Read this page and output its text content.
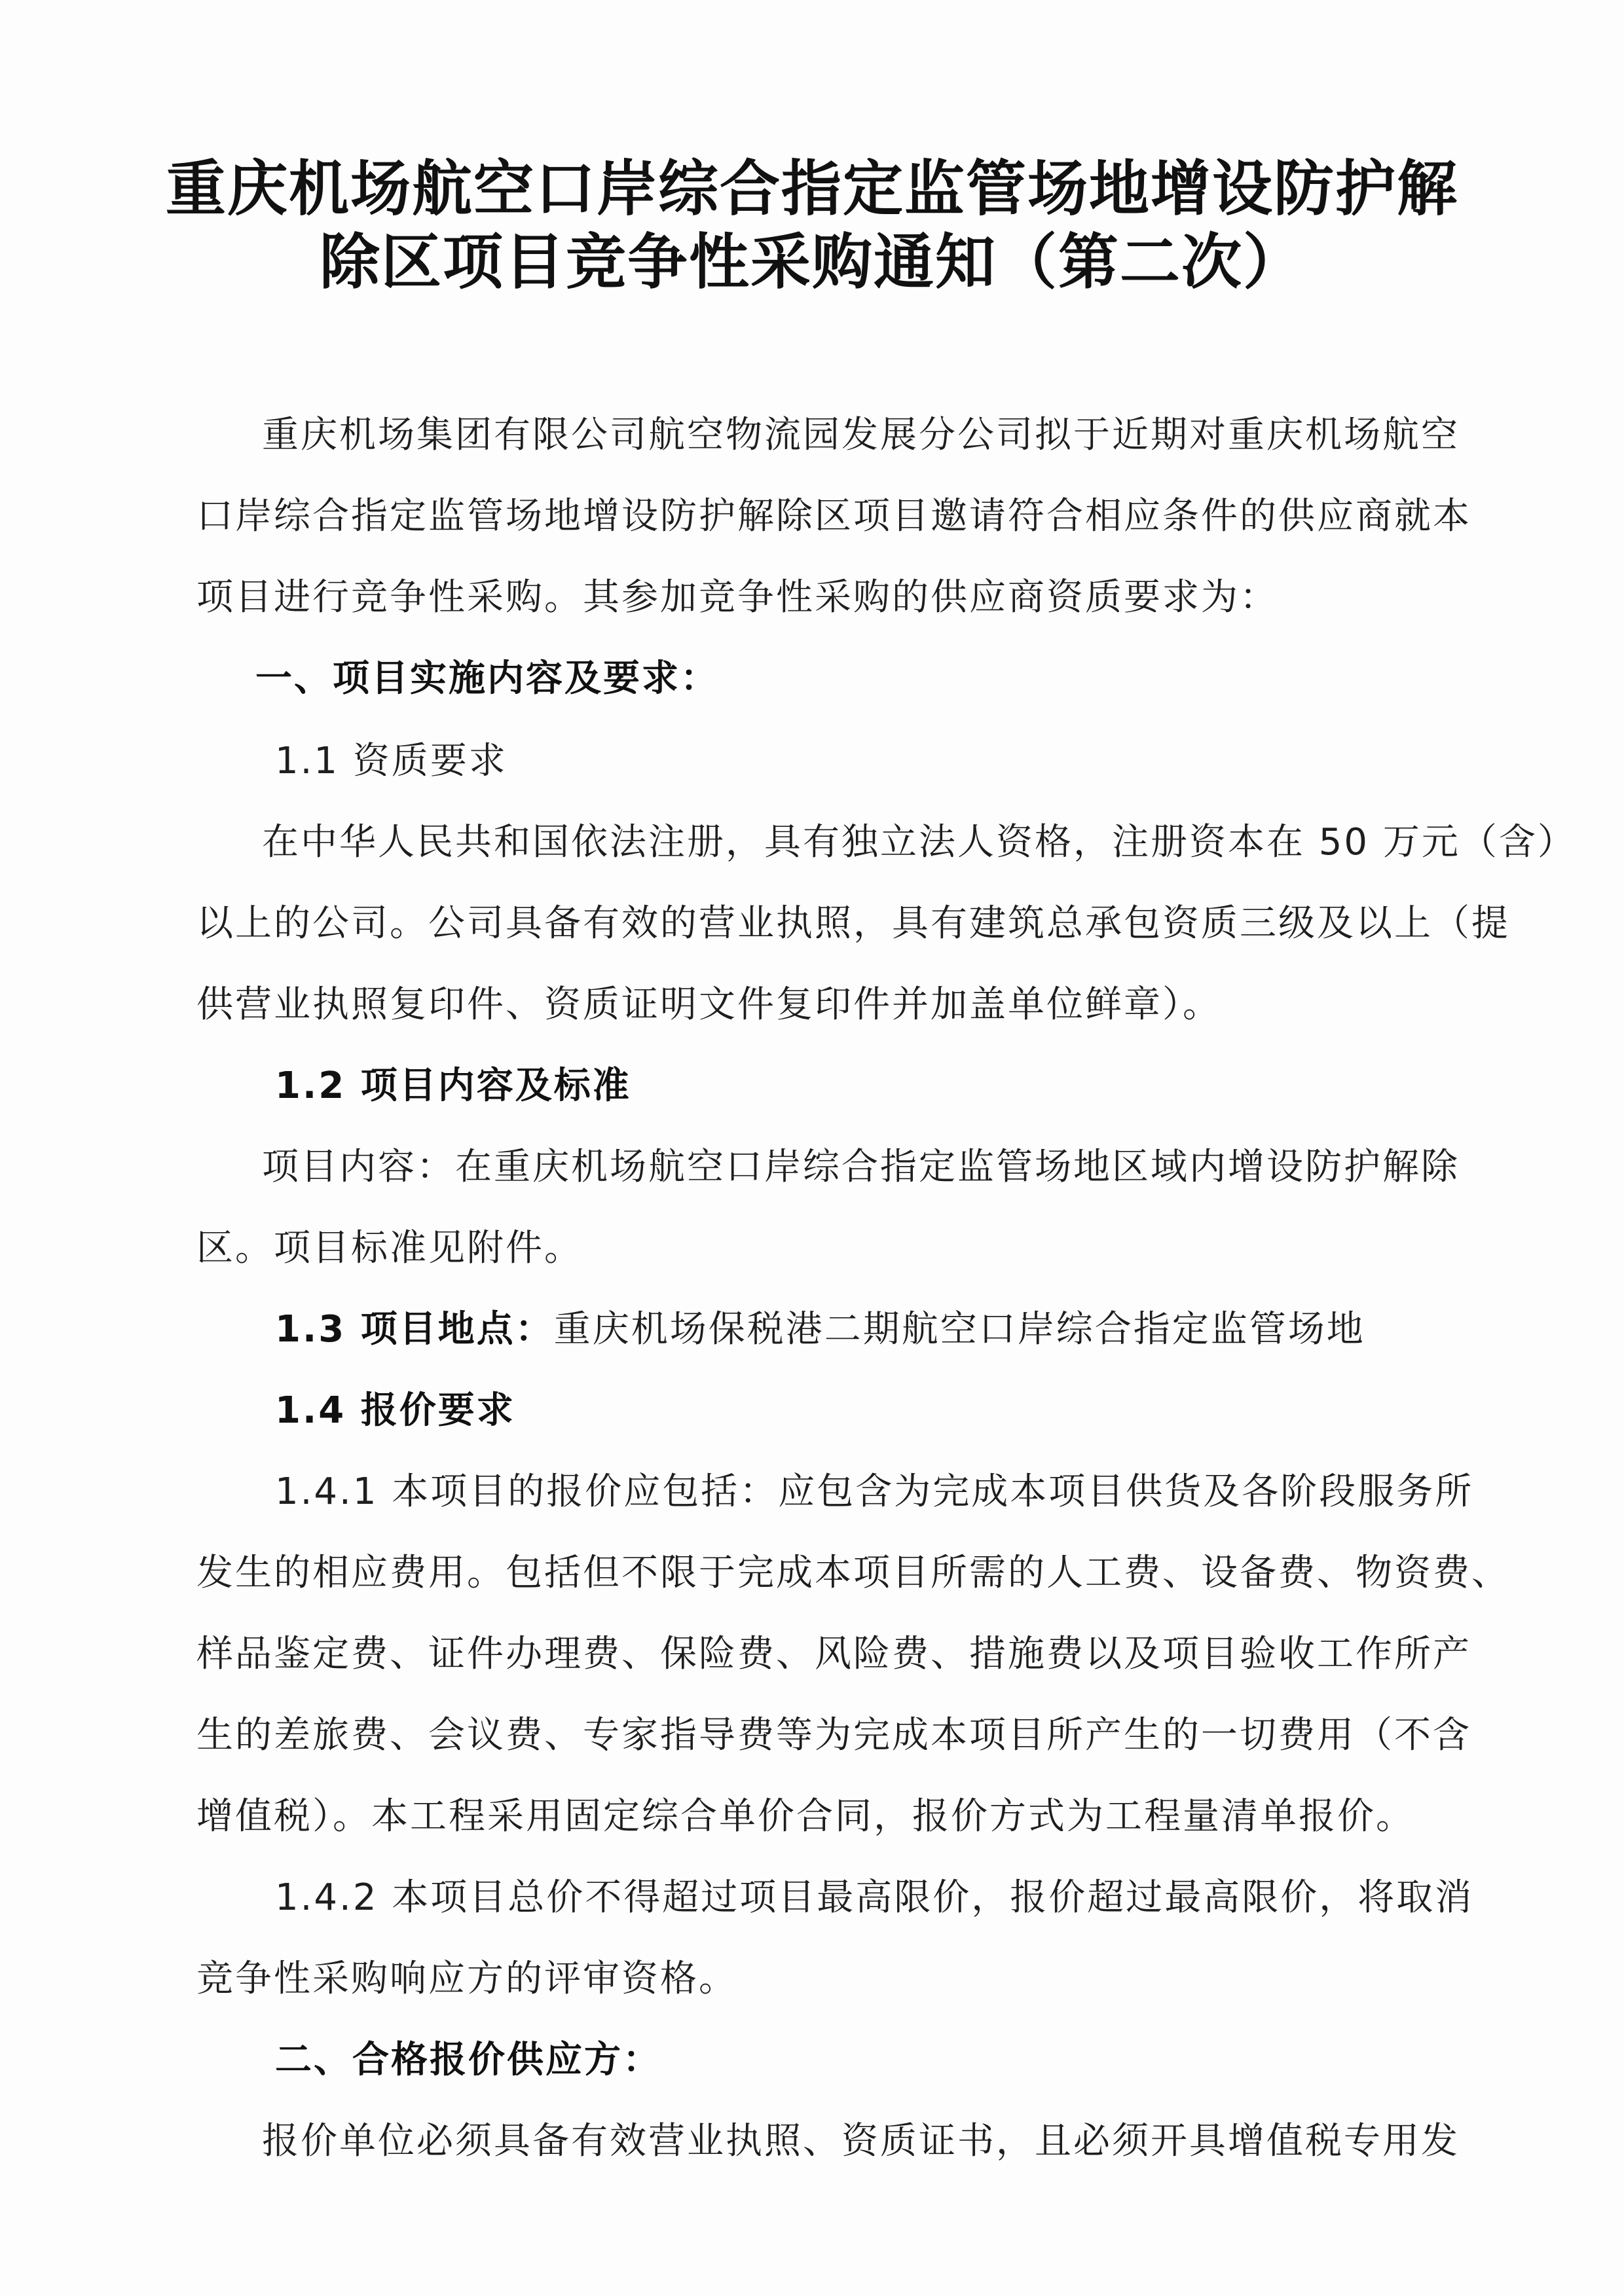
重庆机场航空口岸综合指定监管场地增设防护解
除区项目竞争性采购通知（第二次）
重庆机场集团有限公司航空物流园发展分公司拟于近期对重庆机场航空
口岸综合指定监管场地增设防护解除区项目邀请符合相应条件的供应商就本
项目进行竞争性采购。其参加竞争性采购的供应商资质要求为：
一、项目实施内容及要求：
1.1 资质要求
在中华人民共和国依法注册，具有独立法人资格，注册资本在 50 万元（含）
以上的公司。公司具备有效的营业执照，具有建筑总承包资质三级及以上（提
供营业执照复印件、资质证明文件复印件并加盖单位鲜章）。
1.2 项目内容及标准
项目内容：在重庆机场航空口岸综合指定监管场地区域内增设防护解除
区。项目标准见附件。
1.3 项目地点：重庆机场保税港二期航空口岸综合指定监管场地
1.4 报价要求
1.4.1 本项目的报价应包括：应包含为完成本项目供货及各阶段服务所
发生的相应费用。包括但不限于完成本项目所需的人工费、设备费、物资费、
样品鉴定费、证件办理费、保险费、风险费、措施费以及项目验收工作所产
生的差旅费、会议费、专家指导费等为完成本项目所产生的一切费用（不含
增值税）。本工程采用固定综合单价合同，报价方式为工程量清单报价。
1.4.2 本项目总价不得超过项目最高限价，报价超过最高限价，将取消
竞争性采购响应方的评审资格。
二、合格报价供应方：
报价单位必须具备有效营业执照、资质证书，且必须开具增值税专用发
